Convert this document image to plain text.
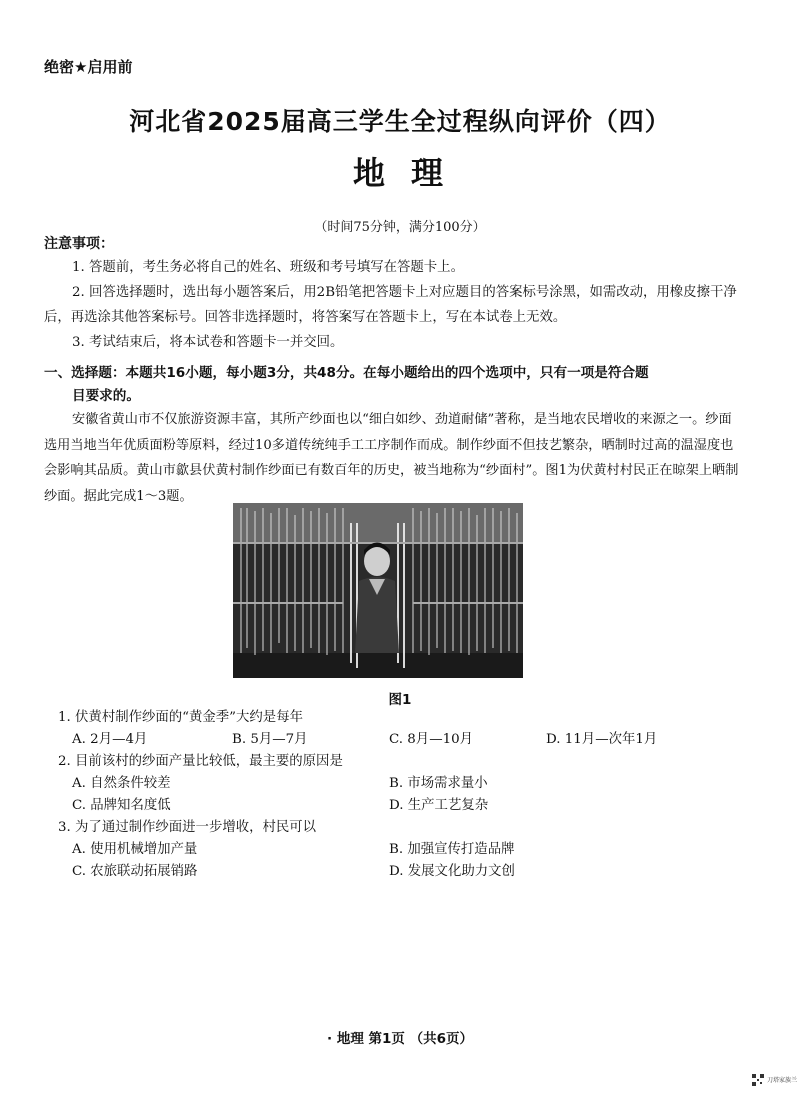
绝密★启用前
河北省2025届高三学生全过程纵向评价（四）
地理
（时间75分钟，满分100分）
注意事项：

1. 答题前，考生务必将自己的姓名、班级和考号填写在答题卡上。

2. 回答选择题时，选出每小题答案后，用2B铅笔把答题卡上对应题目的答案标号涂黑，如需改动，用橡皮擦干净后，再选涂其他答案标号。回答非选择题时，将答案写在答题卡上，写在本试卷上无效。

3. 考试结束后，将本试卷和答题卡一并交回。

一、选择题：本题共16小题，每小题3分，共48分。在每小题给出的四个选项中，只有一项是符合题
目要求的。

安徽省黄山市不仅旅游资源丰富，其所产纱面也以“细白如纱、劲道耐储”著称，是当地农民增收的来源之一。纱面选用当地当年优质面粉等原料，经过10多道传统纯手工工序制作而成。制作纱面不但技艺繁杂，晒制时过高的温湿度也会影响其品质。黄山市歙县伏黄村制作纱面已有数百年的历史，被当地称为“纱面村”。图1为伏黄村村民正在晾架上晒制纱面。据此完成1～3题。

图1
1. 伏黄村制作纱面的“黄金季”大约是每年
A. 2月—4月	B. 5月—7月	C. 8月—10月	D. 11月—次年1月
2. 目前该村的纱面产量比较低，最主要的原因是
A. 自然条件较差	B. 市场需求量小
C. 品牌知名度低	D. 生产工艺复杂
3. 为了通过制作纱面进一步增收，村民可以
A. 使用机械增加产量	B. 加强宣传打造品牌
C. 农旅联动拓展销路	D. 发展文化助力文创
· 地理 第1页 （共6页）
刀塔家族兰
